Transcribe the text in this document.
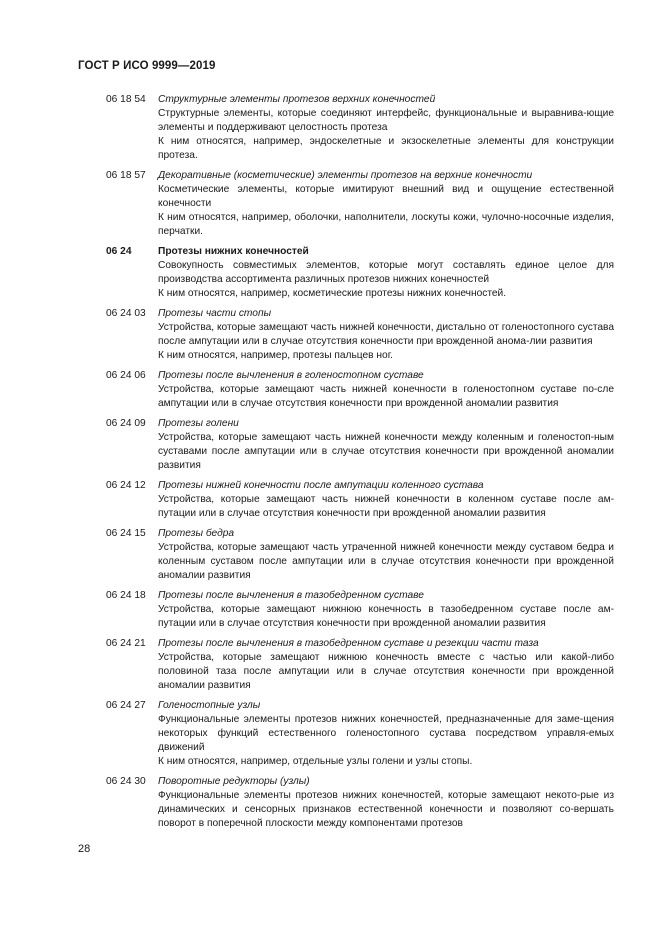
ГОСТ Р ИСО 9999—2019
06 18 54	Структурные элементы протезов верхних конечностей
Структурные элементы, которые соединяют интерфейс, функциональные и выравнива-ющие элементы и поддерживают целостность протеза
К ним относятся, например, эндоскелетные и экзоскелетные элементы для конструкции протеза.
06 18 57	Декоративные (косметические) элементы протезов на верхние конечности
Косметические элементы, которые имитируют внешний вид и ощущение естественной конечности
К ним относятся, например, оболочки, наполнители, лоскуты кожи, чулочно-носочные изделия, перчатки.
06 24	Протезы нижних конечностей
Совокупность совместимых элементов, которые могут составлять единое целое для производства ассортимента различных протезов нижних конечностей
К ним относятся, например, косметические протезы нижних конечностей.
06 24 03	Протезы части стопы
Устройства, которые замещают часть нижней конечности, дистально от голеностопного сустава после ампутации или в случае отсутствия конечности при врожденной анома-лии развития
К ним относятся, например, протезы пальцев ног.
06 24 06	Протезы после вычленения в голеностопном суставе
Устройства, которые замещают часть нижней конечности в голеностопном суставе по-сле ампутации или в случае отсутствия конечности при врожденной аномалии развития
06 24 09	Протезы голени
Устройства, которые замещают часть нижней конечности между коленным и голеностоп-ным суставами после ампутации или в случае отсутствия конечности при врожденной аномалии развития
06 24 12	Протезы нижней конечности после ампутации коленного сустава
Устройства, которые замещают часть нижней конечности в коленном суставе после ам-путации или в случае отсутствия конечности при врожденной аномалии развития
06 24 15	Протезы бедра
Устройства, которые замещают часть утраченной нижней конечности между суставом бедра и коленным суставом после ампутации или в случае отсутствия конечности при врожденной аномалии развития
06 24 18	Протезы после вычленения в тазобедренном суставе
Устройства, которые замещают нижнюю конечность в тазобедренном суставе после ам-путации или в случае отсутствия конечности при врожденной аномалии развития
06 24 21	Протезы после вычленения в тазобедренном суставе и резекции части таза
Устройства, которые замещают нижнюю конечность вместе с частью или какой-либо половиной таза после ампутации или в случае отсутствия конечности при врожденной аномалии развития
06 24 27	Голеностопные узлы
Функциональные элементы протезов нижних конечностей, предназначенные для заме-щения некоторых функций естественного голеностопного сустава посредством управля-емых движений
К ним относятся, например, отдельные узлы голени и узлы стопы.
06 24 30	Поворотные редукторы (узлы)
Функциональные элементы протезов нижних конечностей, которые замещают некото-рые из динамических и сенсорных признаков естественной конечности и позволяют со-вершать поворот в поперечной плоскости между компонентами протезов
28
